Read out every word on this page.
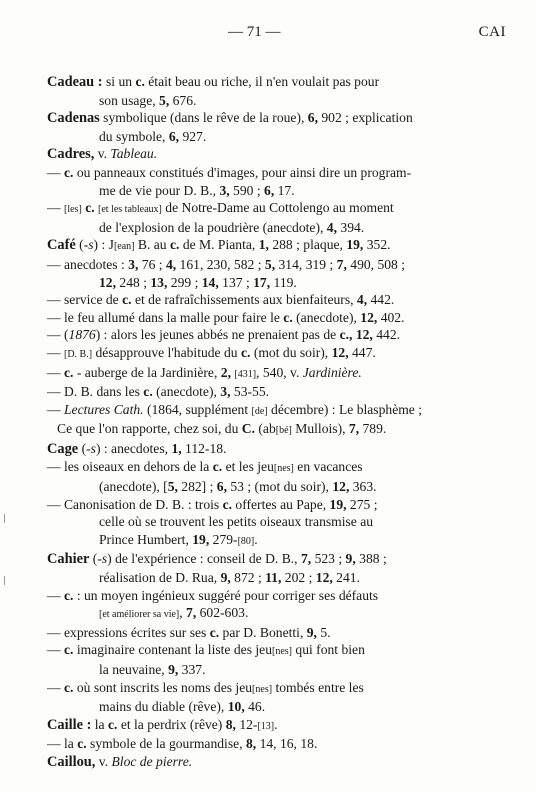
— 71 —	CAI
Cadeau : si un c. était beau ou riche, il n'en voulait pas pour
son usage, 5, 676.
Cadenas symbolique (dans le rêve de la roue), 6, 902 ; explication
du symbole, 6, 927.
Cadres, v. Tableau.
— c. ou panneaux constitués d'images, pour ainsi dire un program-
me de vie pour D. B., 3, 590 ; 6, 17.
— [les] c. [et les tableaux] de Notre-Dame au Cottolengo au moment
de l'explosion de la poudrière (anecdote), 4, 394.
Café (-s) : J[ean] B. au c. de M. Pianta, 1, 288 ; plaque, 19, 352.
— anecdotes : 3, 76 ; 4, 161, 230, 582 ; 5, 314, 319 ; 7, 490, 508 ;
12, 248 ; 13, 299 ; 14, 137 ; 17, 119.
— service de c. et de rafraîchissements aux bienfaiteurs, 4, 442.
— le feu allumé dans la malle pour faire le c. (anecdote), 12, 402.
— (1876) : alors les jeunes abbés ne prenaient pas de c., 12, 442.
— [D. B.] désapprouve l'habitude du c. (mot du soir), 12, 447.
— c. - auberge de la Jardinière, 2, [431], 540, v. Jardinière.
— D. B. dans les c. (anecdote), 3, 53-55.
— Lectures Cath. (1864, supplément [de] décembre) : Le blasphème ;
Ce que l'on rapporte, chez soi, du C. (ab[bé] Mullois), 7, 789.
Cage (-s) : anecdotes, 1, 112-18.
— les oiseaux en dehors de la c. et les jeu[nes] en vacances
(anecdote), [5, 282] ; 6, 53 ; (mot du soir), 12, 363.
— Canonisation de D. B. : trois c. offertes au Pape, 19, 275 ;
celle où se trouvent les petits oiseaux transmise au
Prince Humbert, 19, 279-[80].
Cahier (-s) de l'expérience : conseil de D. B., 7, 523 ; 9, 388 ;
réalisation de D. Rua, 9, 872 ; 11, 202 ; 12, 241.
— c. : un moyen ingénieux suggéré pour corriger ses défauts
[et améliorer sa vie], 7, 602-603.
— expressions écrites sur ses c. par D. Bonetti, 9, 5.
— c. imaginaire contenant la liste des jeu[nes] qui font bien
la neuvaine, 9, 337.
— c. où sont inscrits les noms des jeu[nes] tombés entre les
mains du diable (rêve), 10, 46.
Caille : la c. et la perdrix (rêve) 8, 12-[13].
— la c. symbole de la gourmandise, 8, 14, 16, 18.
Caillou, v. Bloc de pierre.
